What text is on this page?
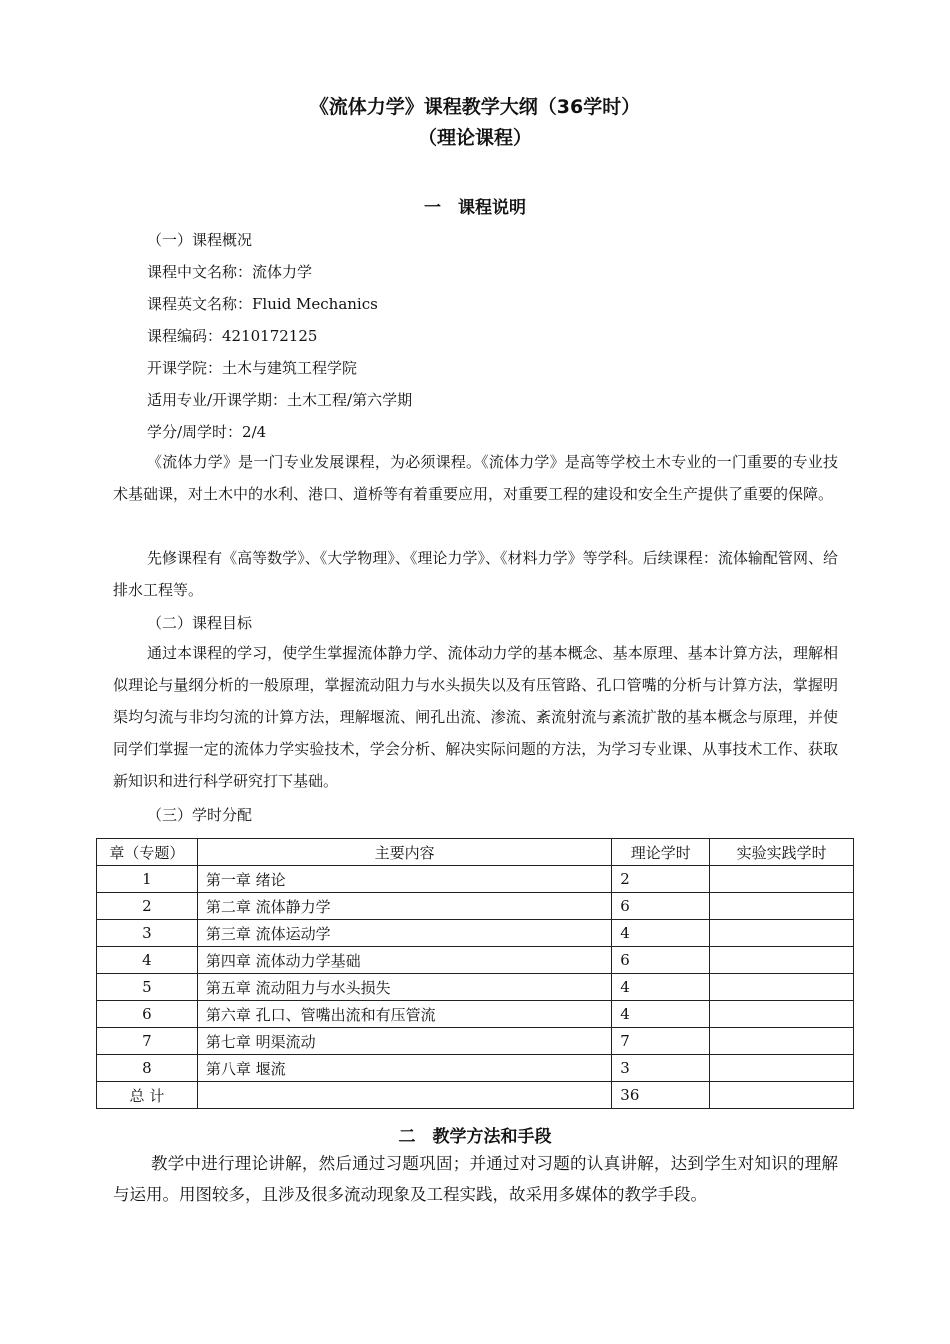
《流体力学》课程教学大纲（36学时）
（理论课程）
一　课程说明
（一）课程概况
课程中文名称：流体力学
课程英文名称：Fluid Mechanics
课程编码：4210172125
开课学院：土木与建筑工程学院
适用专业/开课学期：土木工程/第六学期
学分/周学时：2/4
《流体力学》是一门专业发展课程，为必须课程。《流体力学》是高等学校土木专业的一门重要的专业技术基础课，对土木中的水利、港口、道桥等有着重要应用，对重要工程的建设和安全生产提供了重要的保障。
先修课程有《高等数学》、《大学物理》、《理论力学》、《材料力学》等学科。后续课程：流体输配管网、给排水工程等。
（二）课程目标
通过本课程的学习，使学生掌握流体静力学、流体动力学的基本概念、基本原理、基本计算方法，理解相似理论与量纲分析的一般原理，掌握流动阻力与水头损失以及有压管路、孔口管嘴的分析与计算方法，掌握明渠均匀流与非均匀流的计算方法，理解堰流、闸孔出流、渗流、紊流射流与紊流扩散的基本概念与原理，并使同学们掌握一定的流体力学实验技术，学会分析、解决实际问题的方法，为学习专业课、从事技术工作、获取新知识和进行科学研究打下基础。
（三）学时分配
章（专题）	主要内容	理论学时	实验实践学时
1	第一章 绪论	2	
2	第二章 流体静力学	6	
3	第三章 流体运动学	4	
4	第四章 流体动力学基础	6	
5	第五章 流动阻力与水头损失	4	
6	第六章 孔口、管嘴出流和有压管流	4	
7	第七章 明渠流动	7	
8	第八章 堰流	3	
总 计		36	
二　教学方法和手段
教学中进行理论讲解，然后通过习题巩固；并通过对习题的认真讲解，达到学生对知识的理解与运用。用图较多，且涉及很多流动现象及工程实践，故采用多媒体的教学手段。
